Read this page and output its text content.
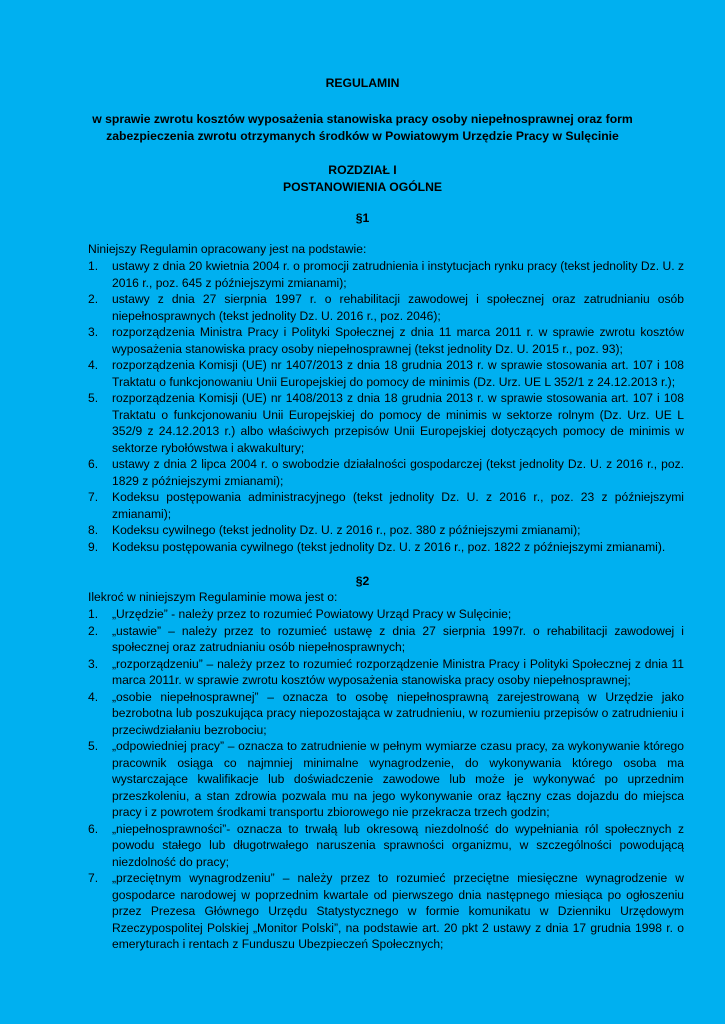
REGULAMIN
w sprawie zwrotu kosztów wyposażenia stanowiska pracy osoby niepełnosprawnej oraz form
zabezpieczenia zwrotu otrzymanych środków w Powiatowym Urzędzie Pracy w Sulęcinie
ROZDZIAŁ I
POSTANOWIENIA OGÓLNE
§1
Niniejszy Regulamin opracowany jest na podstawie:
1. ustawy z dnia 20 kwietnia 2004 r. o promocji zatrudnienia i instytucjach rynku pracy (tekst jednolity Dz. U. z 2016 r., poz. 645 z późniejszymi zmianami);
2. ustawy z dnia 27 sierpnia 1997 r. o rehabilitacji zawodowej i społecznej oraz zatrudnianiu osób niepełnosprawnych (tekst jednolity Dz. U. 2016 r., poz. 2046);
3. rozporządzenia Ministra Pracy i Polityki Społecznej z dnia 11 marca 2011 r. w sprawie zwrotu kosztów wyposażenia stanowiska pracy osoby niepełnosprawnej (tekst jednolity Dz. U. 2015 r., poz. 93);
4. rozporządzenia Komisji (UE) nr 1407/2013 z dnia 18 grudnia 2013 r. w sprawie stosowania art. 107 i 108 Traktatu o funkcjonowaniu Unii Europejskiej do pomocy de minimis (Dz. Urz. UE L 352/1 z 24.12.2013 r.);
5. rozporządzenia Komisji (UE) nr 1408/2013 z dnia 18 grudnia 2013 r. w sprawie stosowania art. 107 i 108 Traktatu o funkcjonowaniu Unii Europejskiej do pomocy de minimis w sektorze rolnym (Dz. Urz. UE L 352/9 z 24.12.2013 r.) albo właściwych przepisów Unii Europejskiej dotyczących pomocy de minimis w sektorze rybołówstwa i akwakultury;
6. ustawy z dnia 2 lipca 2004 r. o swobodzie działalności gospodarczej (tekst jednolity Dz. U. z 2016 r., poz. 1829 z późniejszymi zmianami);
7. Kodeksu postępowania administracyjnego (tekst jednolity Dz. U. z 2016 r., poz. 23 z późniejszymi zmianami);
8. Kodeksu cywilnego (tekst jednolity Dz. U. z 2016 r., poz. 380 z późniejszymi zmianami);
9. Kodeksu postępowania cywilnego (tekst jednolity Dz. U. z 2016 r., poz. 1822 z późniejszymi zmianami).
§2
Ilekroć w niniejszym Regulaminie mowa jest o:
1. „Urzędzie” - należy przez to rozumieć Powiatowy Urząd Pracy w Sulęcinie;
2. „ustawie” – należy przez to rozumieć ustawę z dnia 27 sierpnia 1997r. o rehabilitacji zawodowej i społecznej oraz zatrudnianiu osób niepełnosprawnych;
3. „rozporządzeniu” – należy przez to rozumieć rozporządzenie Ministra Pracy i Polityki Społecznej z dnia 11 marca 2011r. w sprawie zwrotu kosztów wyposażenia stanowiska pracy osoby niepełnosprawnej;
4. „osobie niepełnosprawnej” – oznacza to osobę niepełnosprawną zarejestrowaną w Urzędzie jako bezrobotna lub poszukująca pracy niepozostająca w zatrudnieniu, w rozumieniu przepisów o zatrudnieniu i przeciwdziałaniu bezrobociu;
5. „odpowiedniej pracy” – oznacza to zatrudnienie w pełnym wymiarze czasu pracy, za wykonywanie którego pracownik osiąga co najmniej minimalne wynagrodzenie, do wykonywania którego osoba ma wystarczające kwalifikacje lub doświadczenie zawodowe lub może je wykonywać po uprzednim przeszkoleniu, a stan zdrowia pozwala mu na jego wykonywanie oraz łączny czas dojazdu do miejsca pracy i z powrotem środkami transportu zbiorowego nie przekracza trzech godzin;
6. „niepełnosprawności”- oznacza to trwałą lub okresową niezdolność do wypełniania ról społecznych z powodu stałego lub długotrwałego naruszenia sprawności organizmu, w szczególności powodującą niezdolność do pracy;
7. „przeciętnym wynagrodzeniu” – należy przez to rozumieć przeciętne miesięczne wynagrodzenie w gospodarce narodowej w poprzednim kwartale od pierwszego dnia następnego miesiąca po ogłoszeniu przez Prezesa Głównego Urzędu Statystycznego w formie komunikatu w Dzienniku Urzędowym Rzeczypospolitej Polskiej „Monitor Polski”, na podstawie art. 20 pkt 2 ustawy z dnia 17 grudnia 1998 r. o emeryturach i rentach z Funduszu Ubezpieczeń Społecznych;
